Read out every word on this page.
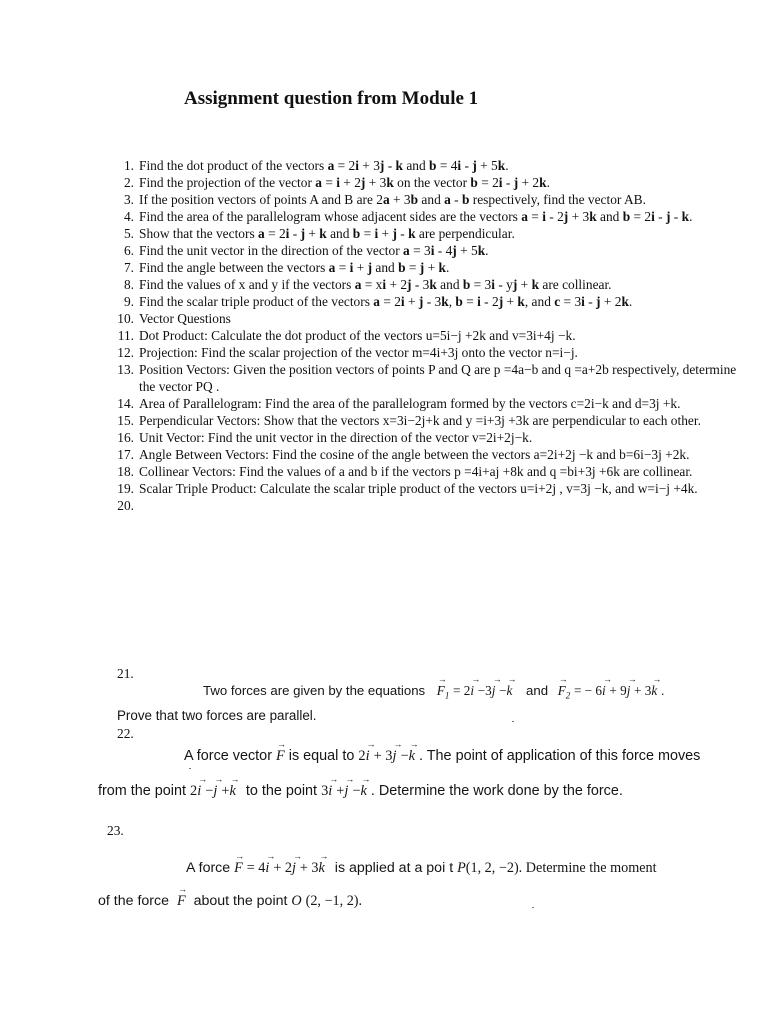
Assignment question from Module 1
1. Find the dot product of the vectors a = 2i + 3j - k and b = 4i - j + 5k.
2. Find the projection of the vector a = i + 2j + 3k on the vector b = 2i - j + 2k.
3. If the position vectors of points A and B are 2a + 3b and a - b respectively, find the vector AB.
4. Find the area of the parallelogram whose adjacent sides are the vectors a = i - 2j + 3k and b = 2i - j - k.
5. Show that the vectors a = 2i - j + k and b = i + j - k are perpendicular.
6. Find the unit vector in the direction of the vector a = 3i - 4j + 5k.
7. Find the angle between the vectors a = i + j and b = j + k.
8. Find the values of x and y if the vectors a = xi + 2j - 3k and b = 3i - yj + k are collinear.
9. Find the scalar triple product of the vectors a = 2i + j - 3k, b = i - 2j + k, and c = 3i - j + 2k.
10. Vector Questions
11. Dot Product: Calculate the dot product of the vectors u=5i−j +2k and v=3i+4j −k.
12. Projection: Find the scalar projection of the vector m=4i+3j onto the vector n=i−j.
13. Position Vectors: Given the position vectors of points P and Q are p =4a−b and q =a+2b respectively, determine the vector PQ .
14. Area of Parallelogram: Find the area of the parallelogram formed by the vectors c=2i−k and d=3j +k.
15. Perpendicular Vectors: Show that the vectors x=3i−2j+k and y =i+3j +3k are perpendicular to each other.
16. Unit Vector: Find the unit vector in the direction of the vector v=2i+2j−k.
17. Angle Between Vectors: Find the cosine of the angle between the vectors a=2i+2j −k and b=6i−3j +2k.
18. Collinear Vectors: Find the values of a and b if the vectors p =4i+aj +8k and q =bi+3j +6k are collinear.
19. Scalar Triple Product: Calculate the scalar triple product of the vectors u=i+2j , v=3j −k, and w=i−j +4k.
20.

21.
Two forces are given by the equations → $F_1 = 2\to i -3\to j -\to k$ and → $F_2$ = − 6→ i + 9→ j + 3→ k .
Prove that two forces are parallel.
22.
A force vector → F is equal to 2→ i + 3→ j −→ k . The point of application of this force moves
from the point 2→ i −→ j +→ k to the point 3→ i +→ j −→ k . Determine the work done by the force.
23.
A force → F = 4→ i + 2→ j + 3→ k is applied at a poi t P(1, 2, −2). Determine the moment
of the force → F about the point O (2, −1, 2).
